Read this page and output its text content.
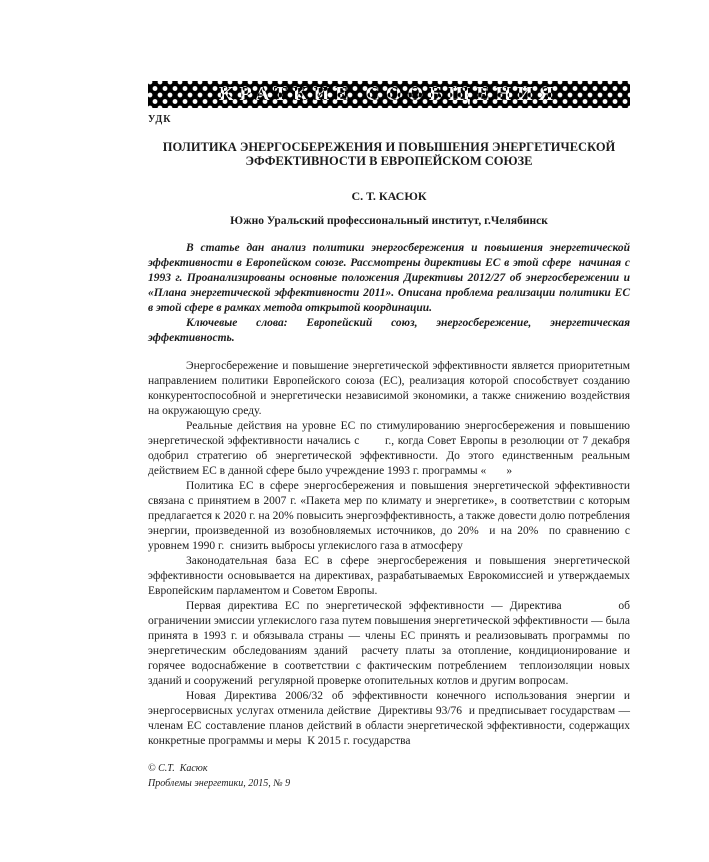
КРАТКИЕ СООБЩЕНИЯ
УДК
ПОЛИТИКА ЭНЕРГОСБЕРЕЖЕНИЯ И ПОВЫШЕНИЯ ЭНЕРГЕТИЧЕСКОЙ ЭФФЕКТИВНОСТИ В ЕВРОПЕЙСКОМ СОЮЗЕ
С. Т. КАСЮК
Южно Уральский профессиональный институт, г.Челябинск

В статье дан анализ политики энергосбережения и повышения энергетической эффективности в Европейском союзе. Рассмотрены директивы ЕС в этой сфере  начиная с 1993 г. Проанализированы основные положения Директивы 2012/27 об энергосбережении и «Плана энергетической эффективности 2011». Описана проблема реализации политики ЕС в этой сфере в рамках метода открытой координации.

Ключевые слова: Европейский союз, энергосбережение, энергетическая эффективность.

Энергосбережение и повышение энергетической эффективности является приоритетным направлением политики Европейского союза (ЕС), реализация которой способствует созданию конкурентоспособной и энергетически независимой экономики, а также снижению воздействия на окружающую среду.

Реальные действия на уровне ЕС по стимулированию энергосбережения и повышению энергетической эффективности начались с       г., когда Совет Европы в резолюции от 7 декабря одобрил стратегию об энергетической эффективности. До этого единственным реальным действием ЕС в данной сфере было учреждение 1993 г. программы «       »

Политика ЕС в сфере энергосбережения и повышения энергетической эффективности связана с принятием в 2007 г. «Пакета мер по климату и энергетике», в соответствии с которым предлагается к 2020 г. на 20% повысить энергоэффективность, а также довести долю потребления энергии, произведенной из возобновляемых источников, до 20%  и на 20%  по сравнению с уровнем 1990 г.  снизить выбросы углекислого газа в атмосферу

Законодательная база ЕС в сфере энергосбережения и повышения энергетической эффективности основывается на директивах, разрабатываемых Еврокомиссией и утверждаемых Европейским парламентом и Советом Европы.

Первая директива ЕС по энергетической эффективности — Директива        об ограничении эмиссии углекислого газа путем повышения энергетической эффективности — была принята в 1993 г. и обязывала страны — члены ЕС принять и реализовывать программы  по энергетическим обследованиям зданий  расчету платы за отопление, кондиционирование и горячее водоснабжение в соответствии с фактическим потреблением  теплоизоляции новых зданий и сооружений  регулярной проверке отопительных котлов и другим вопросам.

Новая Директива 2006/32 об эффективности конечного использования энергии и энергосервисных услугах отменила действие  Директивы 93/76  и предписывает государствам — членам ЕС составление планов действий в области энергетической эффективности, содержащих конкретные программы и меры  К 2015 г. государства

© С.Т.  Касюк
Проблемы энергетики, 2015, № 9
